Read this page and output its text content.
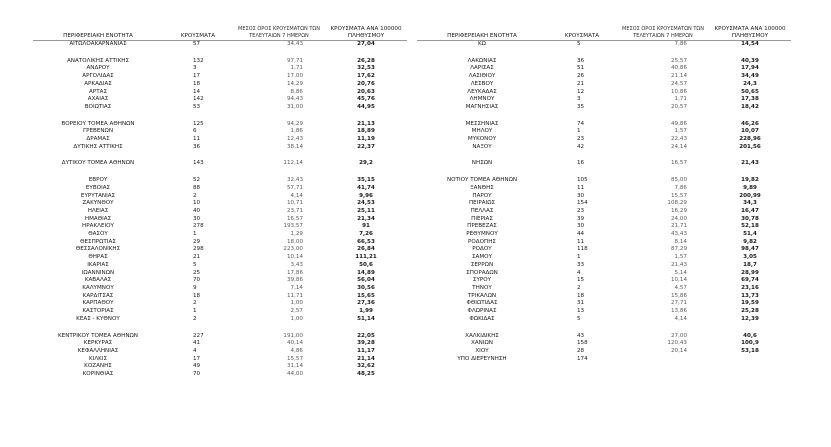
ΠΕΡΙΦΕΡΕΙΑΚΗ ΕΝΟΤΗΤΑ	ΚΡΟΥΣΜΑΤΑ	ΜΕΣΟΣ ΟΡΟΣ ΚΡΟΥΣΜΑΤΩΝ ΤΩΝ ΤΕΛΕΥΤΑΙΩΝ 7 ΗΜΕΡΩΝ	ΚΡΟΥΣΜΑΤΑ ΑΝΑ 100000 ΠΛΗΘΥΣΜΟΥ
ΑΙΤΩΛΟΑΚΑΡΝΑΝΙΑΣ	57	34,43	27,04

ΑΝΑΤΟΛΙΚΗΣ ΑΤΤΙΚΗΣ	132	97,71	26,28
ΑΝΔΡΟΥ	3	1,71	32,53
ΑΡΓΟΛΙΔΑΣ	17	17,00	17,62
ΑΡΚΑΔΙΑΣ	18	14,29	20,76
ΑΡΤΑΣ	14	8,86	20,63
ΑΧΑΪΑΣ	142	94,43	45,76
ΒΟΙΩΤΙΑΣ	53	31,00	44,95

ΒΟΡΕΙΟΥ ΤΟΜΕΑ ΑΘΗΝΩΝ	125	94,29	21,13
ΓΡΕΒΕΝΩΝ	6	1,86	18,89
ΔΡΑΜΑΣ	11	12,43	11,19
ΔΥΤΙΚΗΣ ΑΤΤΙΚΗΣ	36	38,14	22,37

ΔΥΤΙΚΟΥ ΤΟΜΕΑ ΑΘΗΝΩΝ	143	112,14	29,2

ΕΒΡΟΥ	52	32,43	35,15
ΕΥΒΟΙΑΣ	88	57,71	41,74
ΕΥΡΥΤΑΝΙΑΣ	2	4,14	9,96
ΖΑΚΥΝΘΟΥ	10	10,71	24,53
ΗΛΕΙΑΣ	40	23,71	25,11
ΗΜΑΘΙΑΣ	30	16,57	21,34
ΗΡΑΚΛΕΙΟΥ	278	193,57	91
ΘΑΣΟΥ	1	1,29	7,26
ΘΕΣΠΡΩΤΙΑΣ	29	18,00	66,53
ΘΕΣΣΑΛΟΝΙΚΗΣ	298	223,00	26,84
ΘΗΡΑΣ	21	10,14	111,21
ΙΚΑΡΙΑΣ	5	3,43	50,6
ΙΩΑΝΝΙΝΩΝ	25	17,86	14,89
ΚΑΒΑΛΑΣ	70	39,86	56,04
ΚΑΛΥΜΝΟΥ	9	7,14	30,56
ΚΑΡΔΙΤΣΑΣ	18	11,71	15,65
ΚΑΡΠΑΘΟΥ	2	1,00	27,36
ΚΑΣΤΟΡΙΑΣ	1	2,57	1,99
ΚΕΑΣ - ΚΥΘΝΟΥ	2	1,00	51,14

ΚΕΝΤΡΙΚΟΥ ΤΟΜΕΑ ΑΘΗΝΩΝ	227	191,00	22,05
ΚΕΡΚΥΡΑΣ	41	40,14	39,28
ΚΕΦΑΛΛΗΝΙΑΣ	4	4,86	11,17
ΚΙΛΚΙΣ	17	15,57	21,14
ΚΟΖΑΝΗΣ	49	31,14	32,62
ΚΟΡΙΝΘΙΑΣ	70	44,00	48,25
ΠΕΡΙΦΕΡΕΙΑΚΗ ΕΝΟΤΗΤΑ	ΚΡΟΥΣΜΑΤΑ	ΜΕΣΟΣ ΟΡΟΣ ΚΡΟΥΣΜΑΤΩΝ ΤΩΝ ΤΕΛΕΥΤΑΙΩΝ 7 ΗΜΕΡΩΝ	ΚΡΟΥΣΜΑΤΑ ΑΝΑ 100000 ΠΛΗΘΥΣΜΟΥ
ΚΩ	5	7,86	14,54

ΛΑΚΩΝΙΑΣ	36	25,57	40,39
ΛΑΡΙΣΑΣ	51	40,86	17,94
ΛΑΣΙΘΙΟΥ	26	21,14	34,49
ΛΕΣΒΟΥ	21	24,57	24,3
ΛΕΥΚΑΔΑΣ	12	10,86	50,65
ΛΗΜΝΟΥ	3	1,71	17,38
ΜΑΓΝΗΣΙΑΣ	35	20,57	18,42

ΜΕΣΣΗΝΙΑΣ	74	49,86	46,26
ΜΗΛΟΥ	1	1,57	10,07
ΜΥΚΟΝΟΥ	23	22,43	228,96
ΝΑΞΟΥ	42	24,14	201,56

ΝΗΣΩΝ	16	16,57	21,43

ΝΟΤΙΟΥ ΤΟΜΕΑ ΑΘΗΝΩΝ	105	85,00	19,82
ΞΑΝΘΗΣ	11	7,86	9,89
ΠΑΡΟΥ	30	15,57	200,99
ΠΕΙΡΑΙΩΣ	154	108,29	34,3
ΠΕΛΛΑΣ	23	16,29	16,47
ΠΙΕΡΙΑΣ	39	24,00	30,78
ΠΡΕΒΕΖΑΣ	30	21,71	52,18
ΡΕΘΥΜΝΟΥ	44	43,43	51,4
ΡΟΔΟΠΗΣ	11	8,14	9,82
ΡΟΔΟΥ	118	87,29	98,47
ΣΑΜΟΥ	1	1,57	3,05
ΣΕΡΡΩΝ	33	21,43	18,7
ΣΠΟΡΑΔΩΝ	4	5,14	28,99
ΣΥΡΟΥ	15	10,14	69,74
ΤΗΝΟΥ	2	4,57	23,16
ΤΡΙΚΑΛΩΝ	18	15,86	13,73
ΦΘΙΩΤΙΔΑΣ	31	27,71	19,59
ΦΛΩΡΙΝΑΣ	13	13,86	25,28
ΦΩΚΙΔΑΣ	5	4,14	12,39

ΧΑΛΚΙΔΙΚΗΣ	43	27,00	40,6
ΧΑΝΙΩΝ	158	120,43	100,9
ΧΙΟΥ	28	20,14	53,18
ΥΠΟ ΔΙΕΡΕΥΝΗΣΗ	174		
